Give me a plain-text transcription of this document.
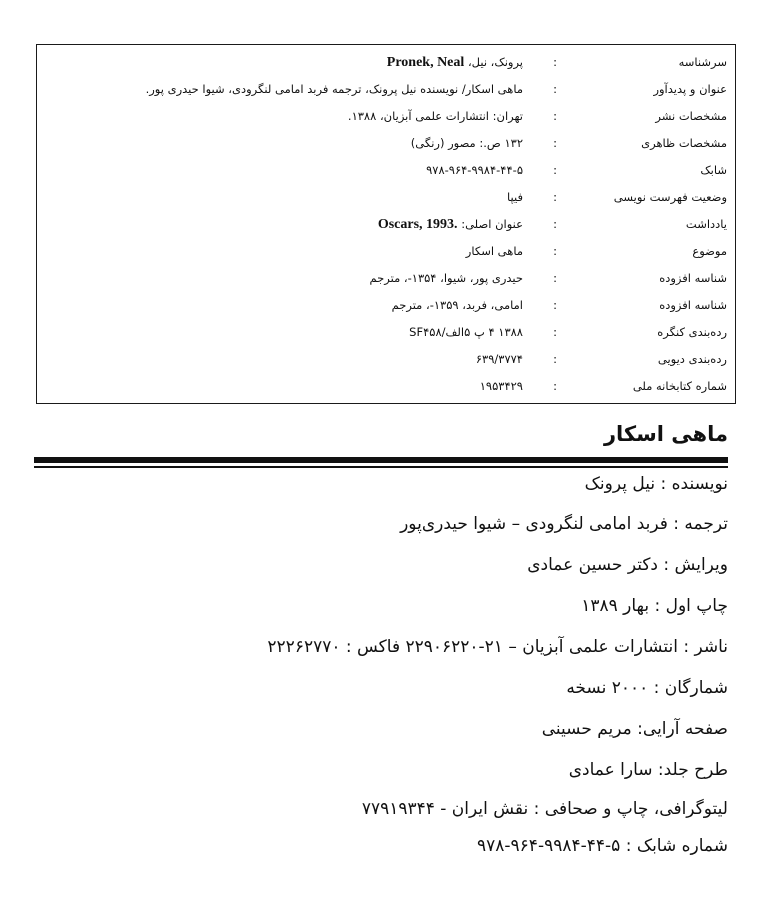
سرشناسه
:
پرونک، نیل، Pronek, Neal
عنوان و پدیدآور
:
ماهی اسکار/ نویسنده نیل پرونک، ترجمه فربد امامی لنگرودی، شیوا حیدری پور.
مشخصات نشر
:
تهران: انتشارات علمی آبزیان، ۱۳۸۸.
مشخصات ظاهری
:
۱۳۲ ص.: مصور (رنگی)
شابک
:
۹۷۸-۹۶۴-۹۹۸۴-۴۴-۵
وضعیت فهرست نویسی
:
فیپا
یادداشت
:
عنوان اصلی: Oscars, 1993.
موضوع
:
ماهی اسکار
شناسه افزوده
:
حیدری پور، شیوا، ۱۳۵۴-، مترجم
شناسه افزوده
:
امامی، فربد، ۱۳۵۹-، مترجم
رده‌بندی کنگره
:
۱۳۸۸ ۴ پ ۵الف/SF۴۵۸
رده‌بندی دیویی
:
۶۳۹/۳۷۷۴
شماره کتابخانه ملی
:
۱۹۵۳۴۲۹
ماهی اسکار
نویسنده : نیل پرونک
ترجمه : فربد امامی لنگرودی – شیوا حیدری‌پور
ویرایش : دکتر حسین عمادی
چاپ اول : بهار ۱۳۸۹
ناشر : انتشارات علمی آبزیان – ۲۱-۲۲۹۰۶۲۲۰ فاکس : ۲۲۲۶۲۷۷۰
شمارگان : ۲۰۰۰ نسخه
صفحه آرایی: مریم حسینی
طرح جلد: سارا عمادی
لیتوگرافی، چاپ و صحافی : نقش ایران - ۷۷۹۱۹۳۴۴
شماره شابک : ۵-۴۴-۹۹۸۴-۹۶۴-۹۷۸
